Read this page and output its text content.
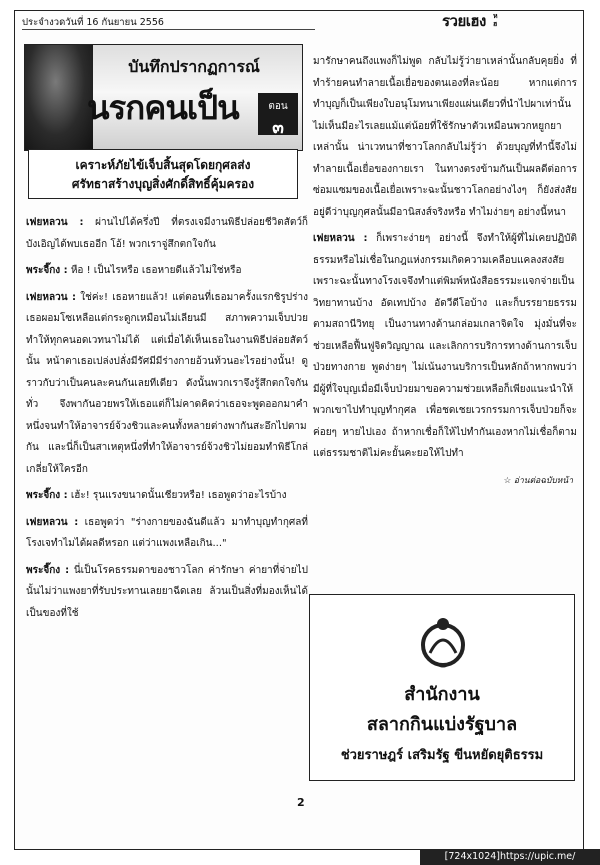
ประจำงวดวันที่ 16 กันยายน 2556	รวยเฮง ห
ฮ
บันทึกปรากฏการณ์
นรกคนเป็น	ตอน
๓
เคราะห์ภัยไข้เจ็บสิ้นสุดโดยกุศลส่ง
ศรัทธาสร้างบุญสิ่งศักดิ์สิทธิ์คุ้มครอง

เฟยหลวน : ผ่านไปได้ครึ่งปี ที่ตรงเจมีงานพิธีปล่อยชีวิตสัตว์ก็บังเอิญได้พบเธออีก โอ้! พวกเราจู่สึกตกใจกัน

พระจี๊กง : หือ ! เป็นไรหรือ เธอหายดีแล้วไม่ใช่หรือ

เฟยหลวน : ใช่ค่ะ! เธอหายแล้ว! แต่ตอนที่เธอมาครั้งแรกชิรูปร่างเธอผอมโซเหลือแต่กระดูกเหมือนไม่เลียนมี สภาพความเจ็บปวยทำให้ทุกคนอดเวทนาไม่ได้ แต่เมื่อได้เห็นเธอในงานพิธีปล่อยสัตว์นั้น หน้าตาเธอเปล่งปลั่งมีรัศมีมีร่างกายอ้วนท้วนอะไรอย่างนั้น! ดูราวกับว่าเป็นคนละคนกันเลยทีเดียว ดังนั้นพวกเราจึงรู้สึกตกใจกันทั่ว จึงพากันอวยพรให้เธอแต่ก็ไม่คาดคิดว่าเธอจะพูดออกมาคำหนึ่งจนทำให้อาจารย์จ้วงชิวและคนทั้งหลายต่างพากันสะอึกไปตามกัน และนี่ก็เป็นสาเหตุหนึ่งที่ทำให้อาจารย์จ้วงชิวไม่ยอมทำพิธีโกล่เกลี่ยให้ใครอีก

พระจี๊กง : เฮ้ะ! รุนแรงขนาดนั้นเชียวหรือ! เธอพูดว่าอะไรบ้าง

เฟยหลวน : เธอพูดว่า "ร่างกายของฉันดีแล้ว มาทำบุญทำกุศลที่โรงเจทำไมได้ผลดีหรอก แต่ว่าแพงเหลือเกิน..."

พระจี๊กง : นี่เป็นโรคธรรมดาของชาวโลก ค่ารักษา ค่ายาที่จ่ายไปนั้นไม่ว่าแพงยาที่รับประทานเลยยาฉีดเลย ล้วนเป็นสิ่งที่มองเห็นได้ เป็นของที่ใช้

มารักษาคนถึงแพงก็ไม่พูด กลับไม่รู้ว่ายาเหล่านั้นกลับคุยยิ่ง ที่ทำร้ายคนทำลายเนื้อเยื่อของตนเองที่ละน้อย หากแต่การทำบุญก็เป็นเพียงใบอนุโมทนาเพียงแผ่นเดียวที่นำไปผาเท่านั้น ไม่เห็นมีอะไรเลยแม้แต่น้อยที่ใช้รักษาตัวเหมือนพวกหยูกยาเหล่านั้น น่าเวทนาที่ชาวโลกกลับไม่รู้ว่า ด้วยบุญที่ทำนี้จึงไม่ทำลายเนื้อเยื่อของกายเรา ในทางตรงข้ามกันเป็นผลดีต่อการซ่อมแซมของเนื้อเยื่อเพราะฉะนั้นชาวโลกอย่างไงๆ ก็ยังส่งสัยอยู่ดีว่าบุญกุศลนั้นมีอานิสงส์จริงหรือ ทำไมง่ายๆ อย่างนี้หนา

เฟยหลวน : ก็เพราะง่ายๆ อย่างนี้ จึงทำให้ผู้ที่ไม่เคยปฏิบัติธรรมหรือไม่เชื่อในกฎแห่งกรรมเกิดความเคลือบแคลงสงสัยเพราะฉะนั้นทางโรงเจจึงทำแต่พิมพ์หนังสือธรรมะแจกจ่ายเป็นวิทยาทานบ้าง อัดเทปบ้าง อัดวีดีโอบ้าง และก็บรรยายธรรมตามสถานีวิทยุ เป็นงานทางด้านกล่อมเกลาจิตใจ มุ่งมั่นที่จะช่วยเหลือฟื้นฟูจิตวิญญาณ และเลิกการบริการทางด้านการเจ็บป่วยทางกาย พูดง่ายๆ ไม่เน้นงานบริการเป็นหลักถ้าหากพบว่ามีผู้ที่ใจบุญเมื่อมีเจ็บป่วยมาขอความช่วยเหลือก็เพียงแนะนำให้พวกเขาไปทำบุญทำกุศล เพื่อชดเชยเวรกรรมการเจ็บป่วยก็จะค่อยๆ หายไปเอง ถ้าหากเชื่อก็ให้ไปทำกันเองหากไม่เชื่อก็ตามแต่ธรรมชาติไม่คะยั้นคะยอให้ไปทำ

☆ อ่านต่อฉบับหน้า
สำนักงาน
สลากกินแบ่งรัฐบาล
ช่วยราษฎร์ เสริมรัฐ ขีนหยัดยุติธรรม
2
[724x1024]https://upic.me/
